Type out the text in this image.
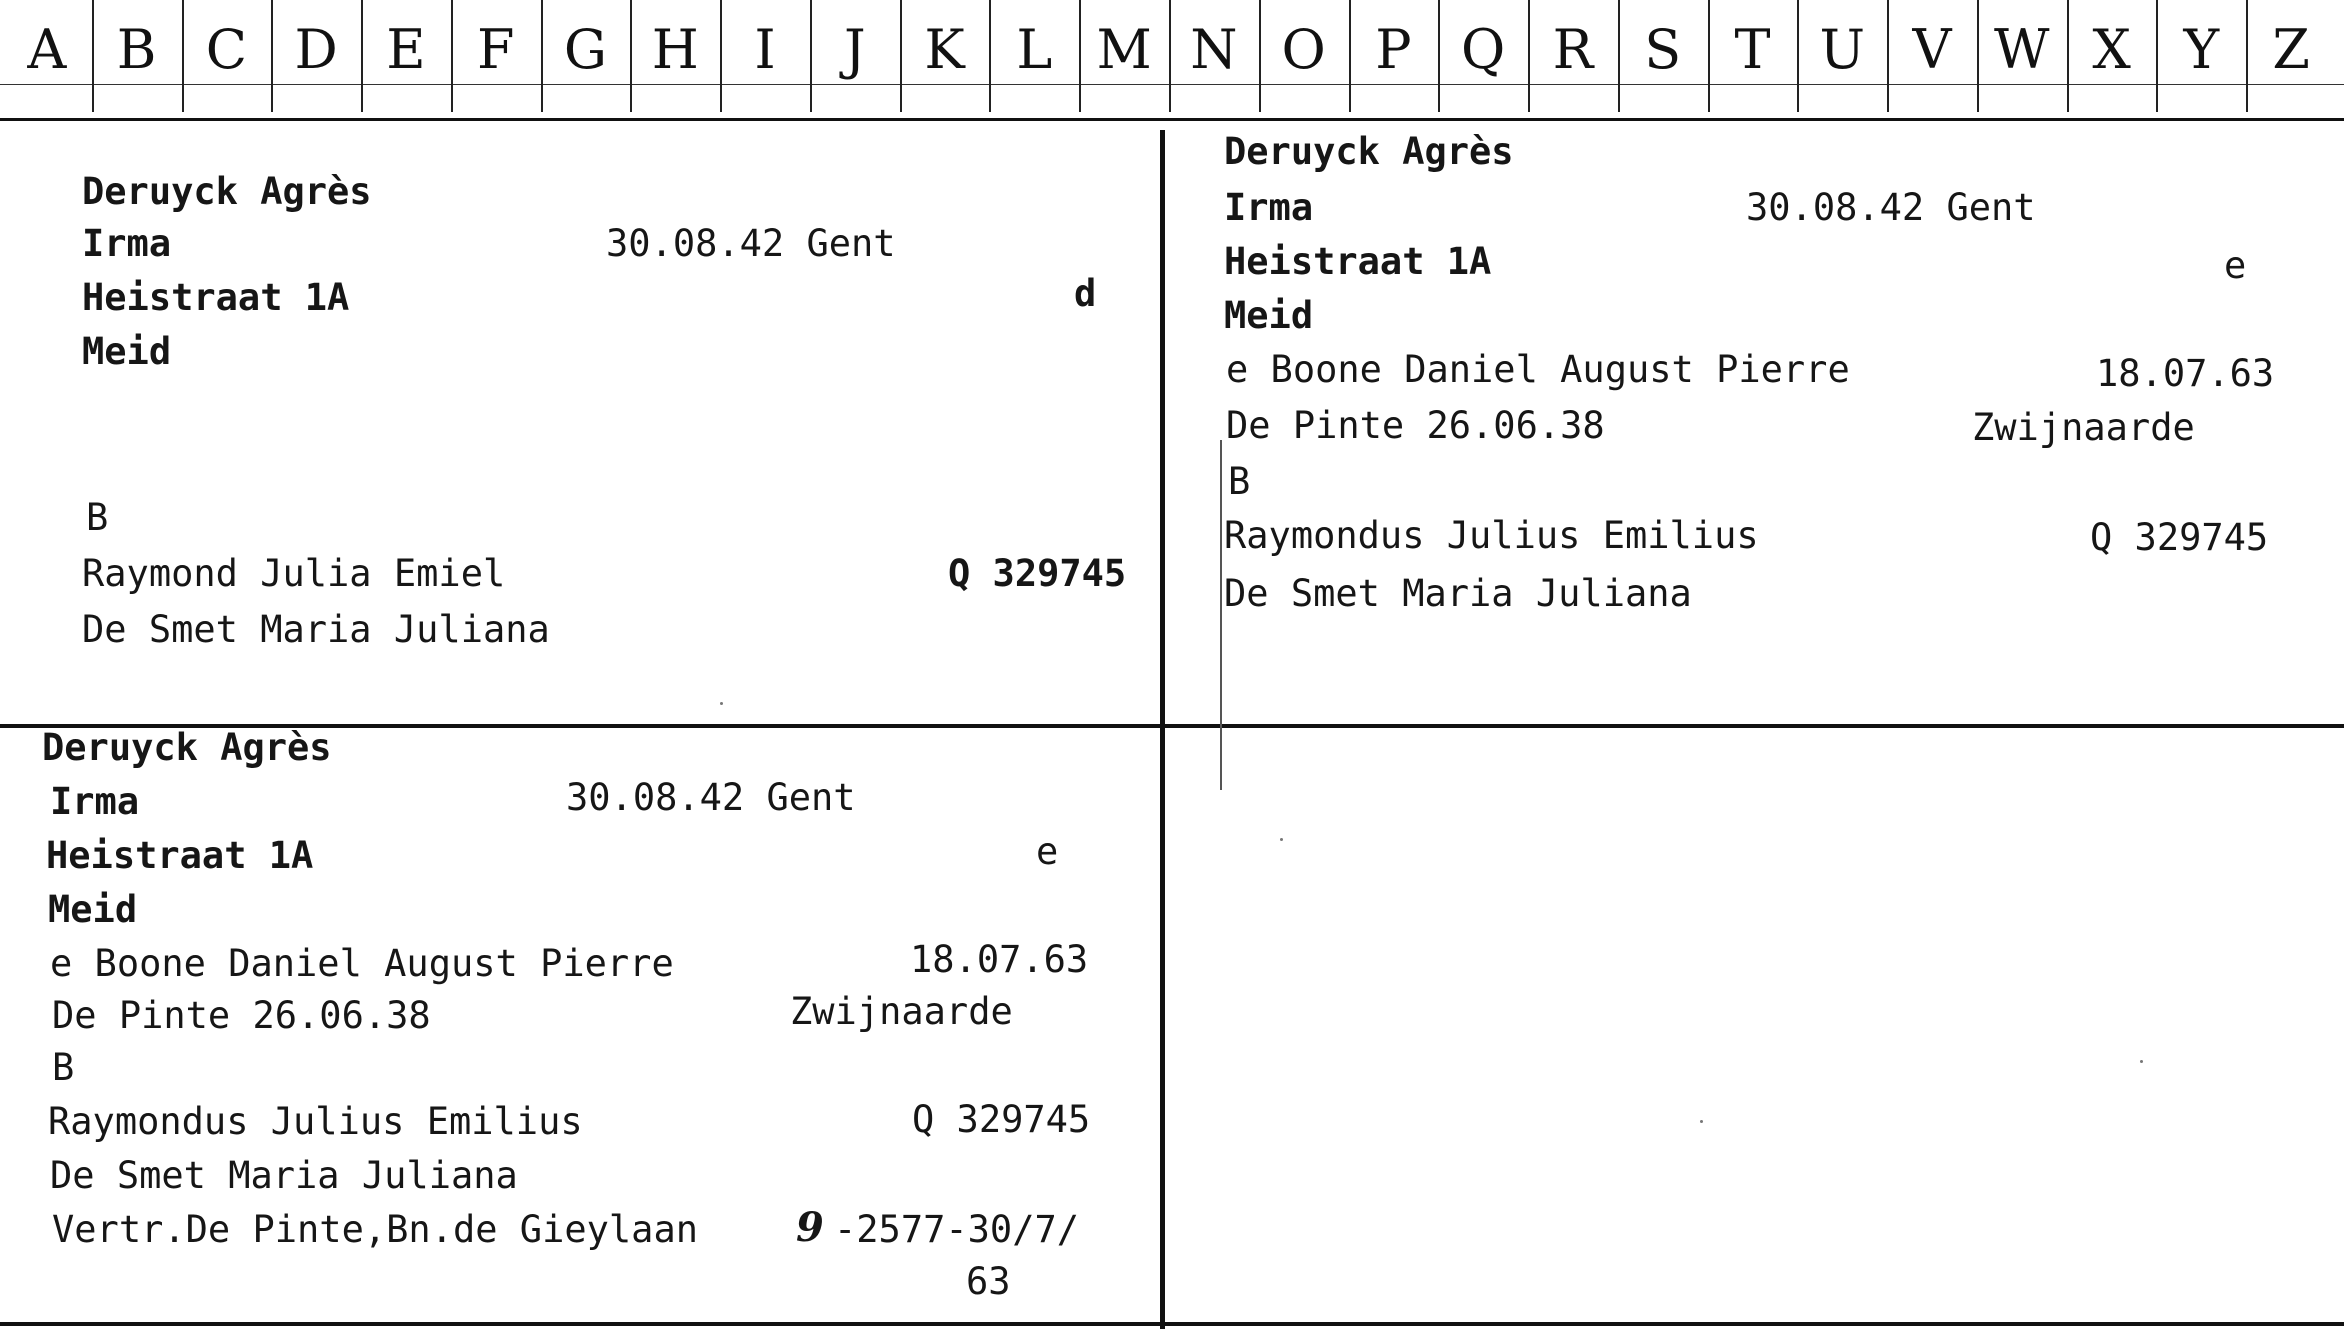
A B C D E F G H	I	J	K L M N O P Q R S T U V W X Y Z
Deruyck Agrès
Irma	30.08.42 Gent
Heistraat 1A	d
Meid
B
Raymond Julia Emiel	Q 329745
De Smet Maria Juliana
Deruyck Agrès
Irma	30.08.42 Gent
Heistraat 1A	e
Meid
e Boone Daniel August Pierre	18.07.63
De Pinte 26.06.38	Zwijnaarde
B
Raymondus Julius Emilius	Q 329745
De Smet Maria Juliana
Deruyck Agrès
Irma	30.08.42 Gent
Heistraat 1A	e
Meid
e Boone Daniel August Pierre	18.07.63
De Pinte 26.06.38	Zwijnaarde
B
Raymondus Julius Emilius	Q 329745
De Smet Maria Juliana
Vertr.De Pinte,Bn.de Gieylaan 9 -2577-30/7/
63
